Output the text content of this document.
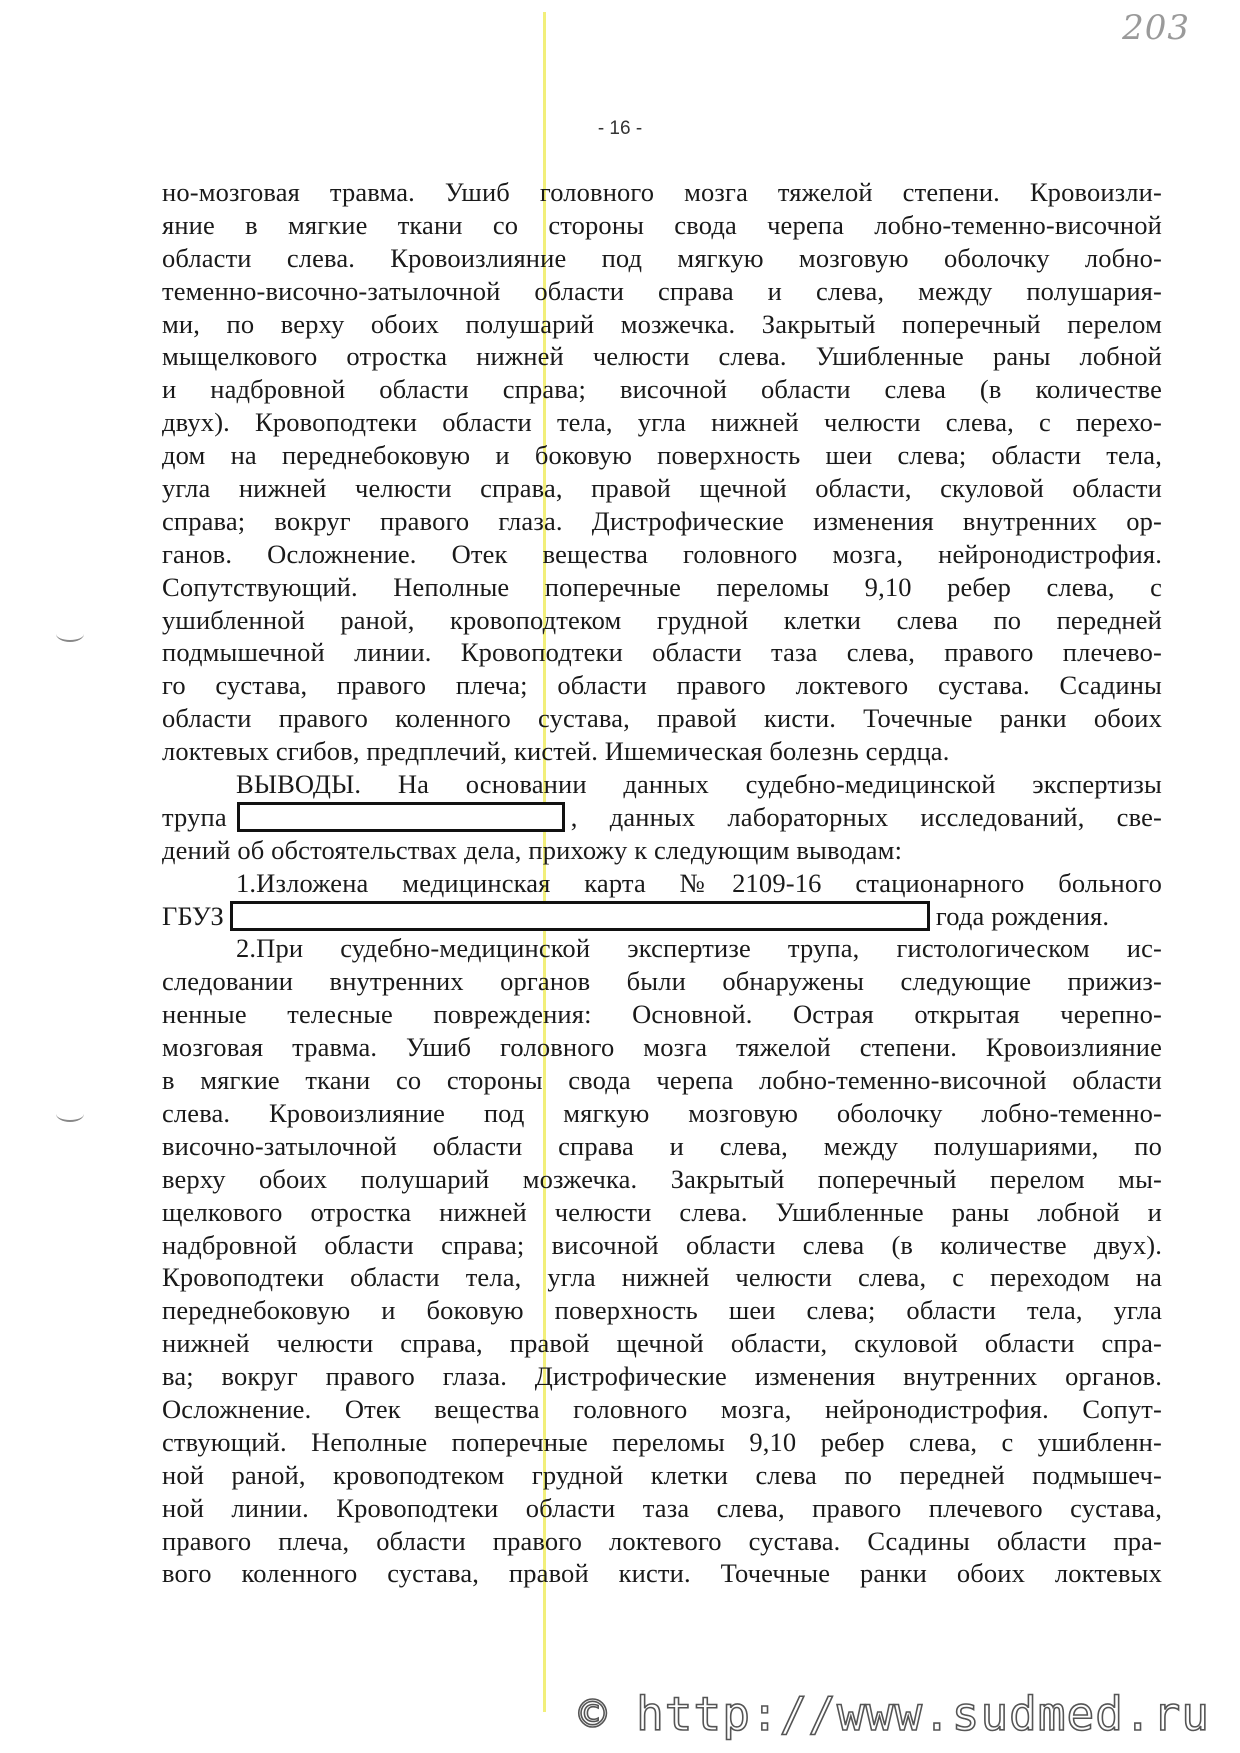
203
- 16 -
но-мозговая травма. Ушиб головного мозга тяжелой степени. Кровоизли-
яние в мягкие ткани со стороны свода черепа лобно-теменно-височной
области слева. Кровоизлияние под мягкую мозговую оболочку лобно-
теменно-височно-затылочной области справа и слева, между полушария-
ми, по верху обоих полушарий мозжечка. Закрытый поперечный перелом
мыщелкового отростка нижней челюсти слева. Ушибленные раны лобной
и надбровной области справа; височной области слева (в количестве
двух). Кровоподтеки области тела, угла нижней челюсти слева, с перехо-
дом на переднебоковую и боковую поверхность шеи слева; области тела,
угла нижней челюсти справа, правой щечной области, скуловой области
справа; вокруг правого глаза. Дистрофические изменения внутренних ор-
ганов. Осложнение. Отек вещества головного мозга, нейронодистрофия.
Сопутствующий. Неполные поперечные переломы 9,10 ребер слева, с
ушибленной раной, кровоподтеком грудной клетки слева по передней
подмышечной линии. Кровоподтеки области таза слева, правого плечево-
го сустава, правого плеча; области правого локтевого сустава. Ссадины
области правого коленного сустава, правой кисти. Точечные ранки обоих
локтевых сгибов, предплечий, кистей. Ишемическая болезнь сердца.
ВЫВОДЫ. На основании данных судебно-медицинской экспертизы
трупа	, данных лабораторных исследований, све-
дений об обстоятельствах дела, прихожу к следующим выводам:
1.Изложена медицинская карта №2109-16 стационарного больного
ГБУЗ	года рождения.
2.При судебно-медицинской экспертизе трупа, гистологическом ис-
следовании внутренних органов были обнаружены следующие прижиз-
ненные телесные повреждения: Основной. Острая открытая черепно-
мозговая травма. Ушиб головного мозга тяжелой степени. Кровоизлияние
в мягкие ткани со стороны свода черепа лобно-теменно-височной области
слева. Кровоизлияние под мягкую мозговую оболочку лобно-теменно-
височно-затылочной области справа и слева, между полушариями, по
верху обоих полушарий мозжечка. Закрытый поперечный перелом мы-
щелкового отростка нижней челюсти слева. Ушибленные раны лобной и
надбровной области справа; височной области слева (в количестве двух).
Кровоподтеки области тела, угла нижней челюсти слева, с переходом на
переднебоковую и боковую поверхность шеи слева; области тела, угла
нижней челюсти справа, правой щечной области, скуловой области спра-
ва; вокруг правого глаза. Дистрофические изменения внутренних органов.
Осложнение. Отек вещества головного мозга, нейронодистрофия. Сопут-
ствующий. Неполные поперечные переломы 9,10 ребер слева, с ушибленн-
ной раной, кровоподтеком грудной клетки слева по передней подмышеч-
ной линии. Кровоподтеки области таза слева, правого плечевого сустава,
правого плеча, области правого локтевого сустава. Ссадины области пра-
вого коленного сустава, правой кисти. Точечные ранки обоих локтевых
© http://www.sudmed.ru
